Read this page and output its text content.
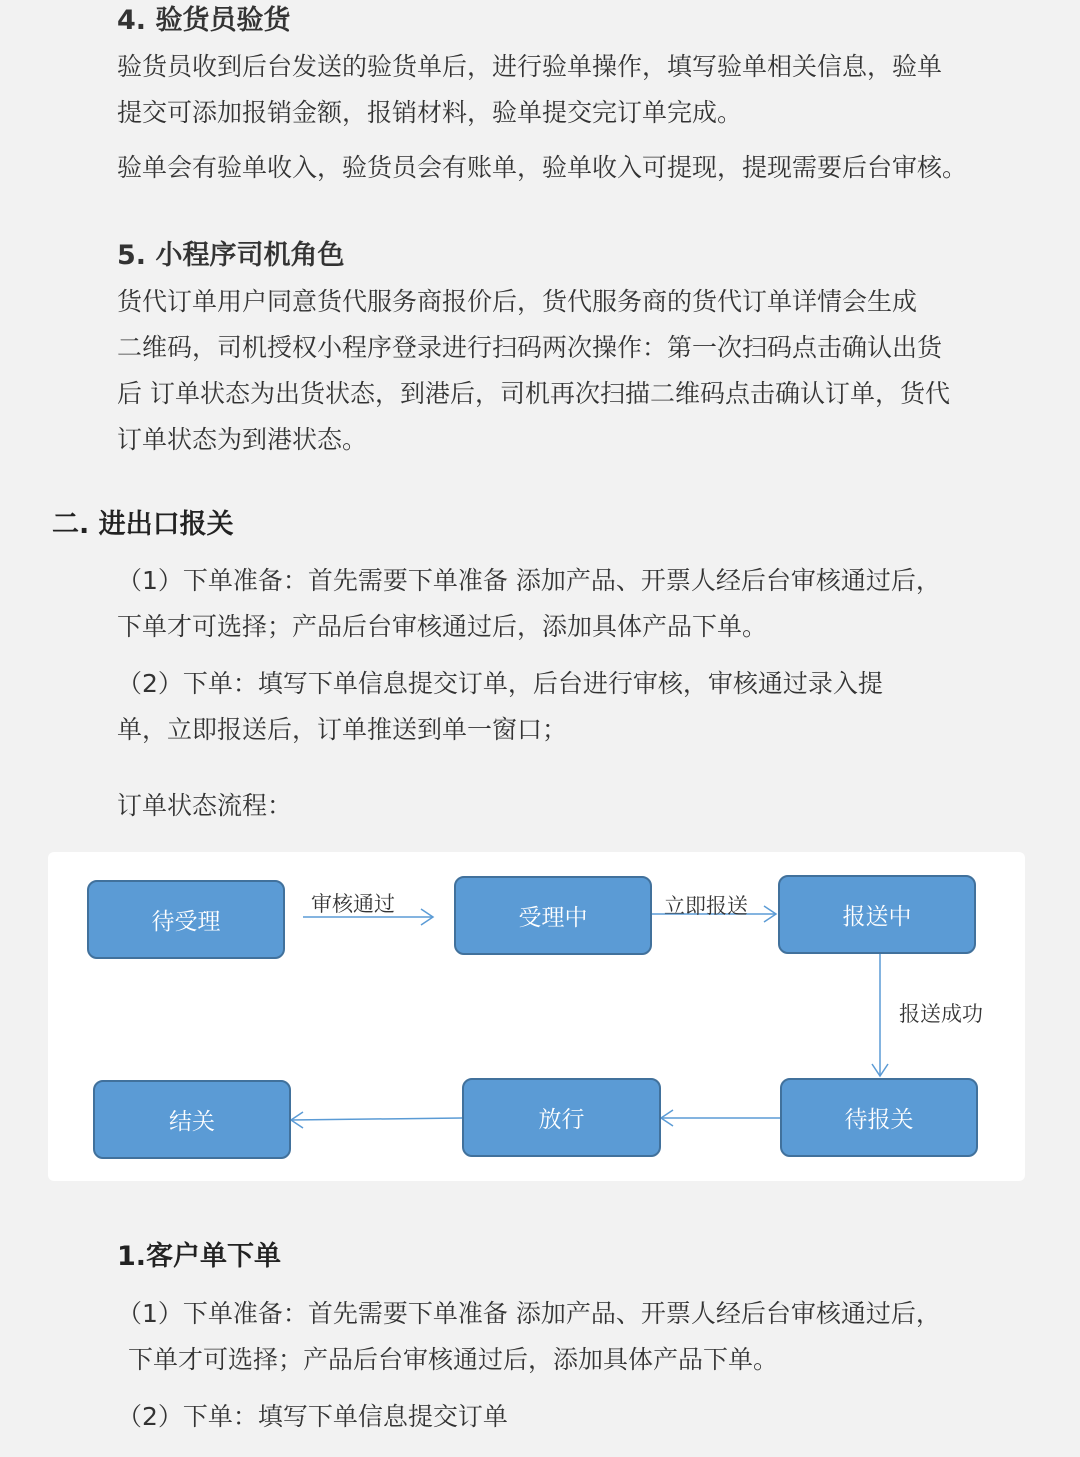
4. 验货员验货
验货员收到后台发送的验货单后，进行验单操作，填写验单相关信息，验单
提交可添加报销金额，报销材料，验单提交完订单完成。
验单会有验单收入，验货员会有账单，验单收入可提现，提现需要后台审核。
5. 小程序司机角色
货代订单用户同意货代服务商报价后，货代服务商的货代订单详情会生成
二维码，司机授权小程序登录进行扫码两次操作：第一次扫码点击确认出货
后 订单状态为出货状态，到港后，司机再次扫描二维码点击确认订单，货代
订单状态为到港状态。
二. 进出口报关
（1）下单准备：首先需要下单准备 添加产品、开票人经后台审核通过后，
下单才可选择；产品后台审核通过后，添加具体产品下单。
（2）下单：填写下单信息提交订单，后台进行审核，审核通过录入提
单，立即报送后，订单推送到单一窗口；
订单状态流程：
待受理	受理中	报送中
待报关
放行
结关
审核通过	立即报送
报送成功
1.客户单下单
（1）下单准备：首先需要下单准备 添加产品、开票人经后台审核通过后，
下单才可选择；产品后台审核通过后，添加具体产品下单。
（2）下单：填写下单信息提交订单
